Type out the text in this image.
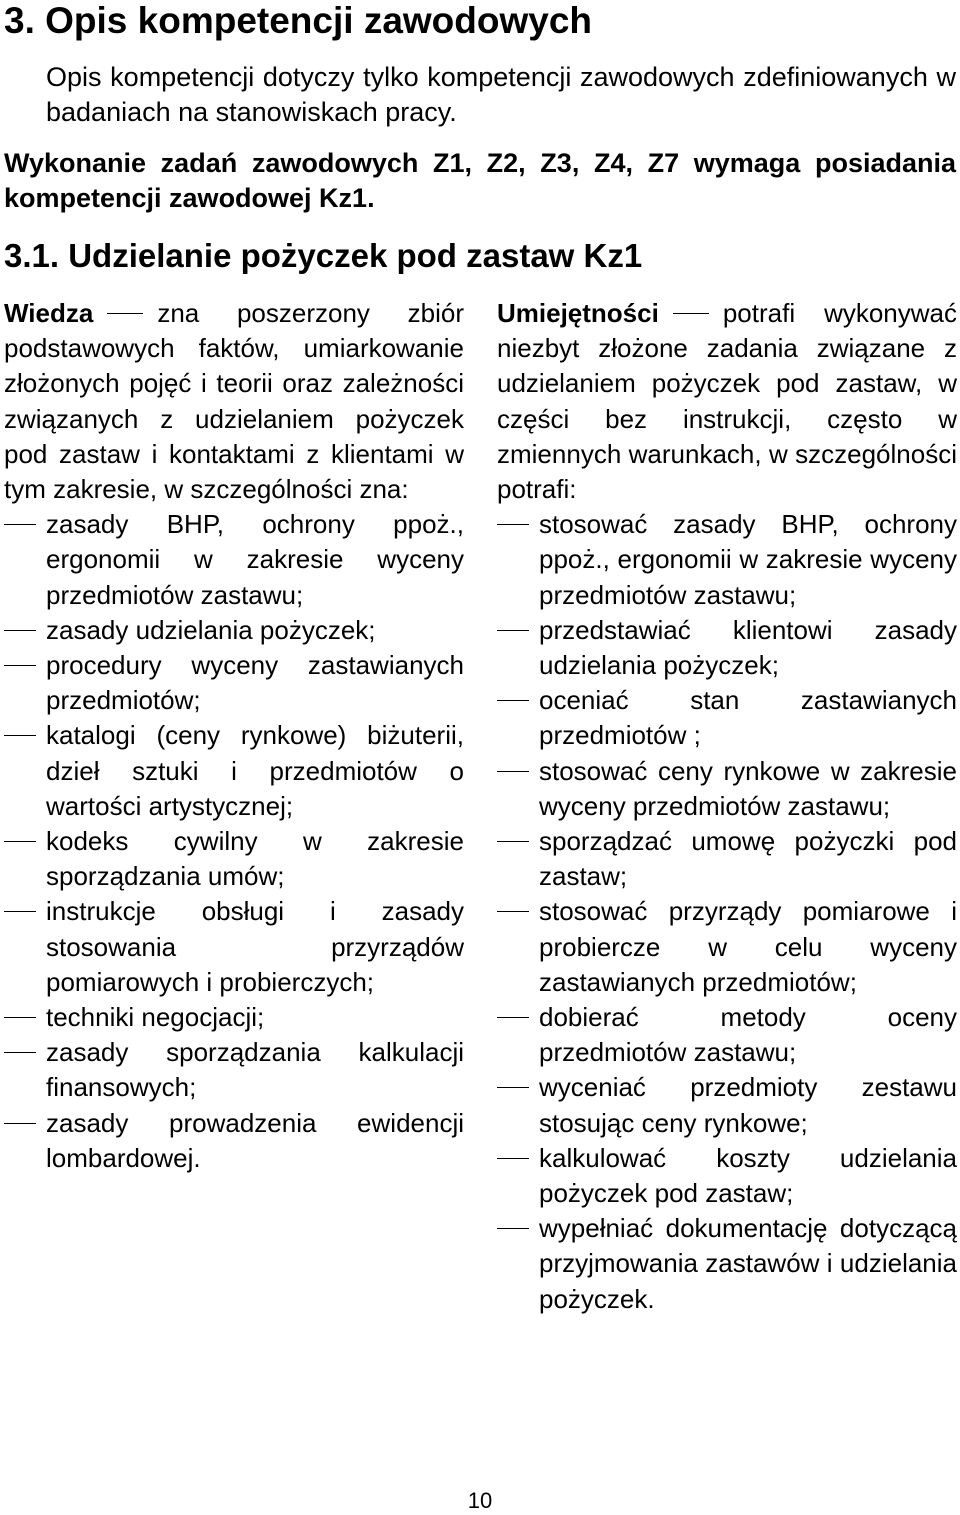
3. Opis kompetencji zawodowych

Opis kompetencji dotyczy tylko kompetencji zawodowych zdefiniowanych w badaniach na stanowiskach pracy.

Wykonanie zadań zawodowych Z1, Z2, Z3, Z4, Z7 wymaga posiadania kompetencji zawodowej Kz1.

3.1. Udzielanie pożyczek pod zastaw Kz1

Wiedza zna poszerzony zbiór podstawowych faktów, umiarkowanie złożonych pojęć i teorii oraz zależności związanych z udzielaniem pożyczek pod zastaw i kontaktami z klientami w tym zakresie, w szczególności zna:

zasady BHP, ochrony ppoż., ergonomii w zakresie wyceny przedmiotów zastawu;
zasady udzielania pożyczek;
procedury wyceny zastawianych przedmiotów;
katalogi (ceny rynkowe) biżuterii, dzieł sztuki i przedmiotów o wartości artystycznej;
kodeks cywilny w zakresie sporządzania umów;
instrukcje obsługi i zasady stosowania przyrządów pomiarowych i probierczych;
techniki negocjacji;
zasady sporządzania kalkulacji finansowych;
zasady prowadzenia ewidencji lombardowej.

Umiejętności potrafi wykonywać niezbyt złożone zadania związane z udzielaniem pożyczek pod zastaw, w części bez instrukcji, często w zmiennych warunkach, w szczególności potrafi:

stosować zasady BHP, ochrony ppoż., ergonomii w zakresie wyceny przedmiotów zastawu;
przedstawiać klientowi zasady udzielania pożyczek;
oceniać stan zastawianych przedmiotów ;
stosować ceny rynkowe w zakresie wyceny przedmiotów zastawu;
sporządzać umowę pożyczki pod zastaw;
stosować przyrządy pomiarowe i probiercze w celu wyceny zastawianych przedmiotów;
dobierać metody oceny przedmiotów zastawu;
wyceniać przedmioty zestawu stosując ceny rynkowe;
kalkulować koszty udzielania pożyczek pod zastaw;
wypełniać dokumentację dotyczącą przyjmowania zastawów i udzielania pożyczek.
10
